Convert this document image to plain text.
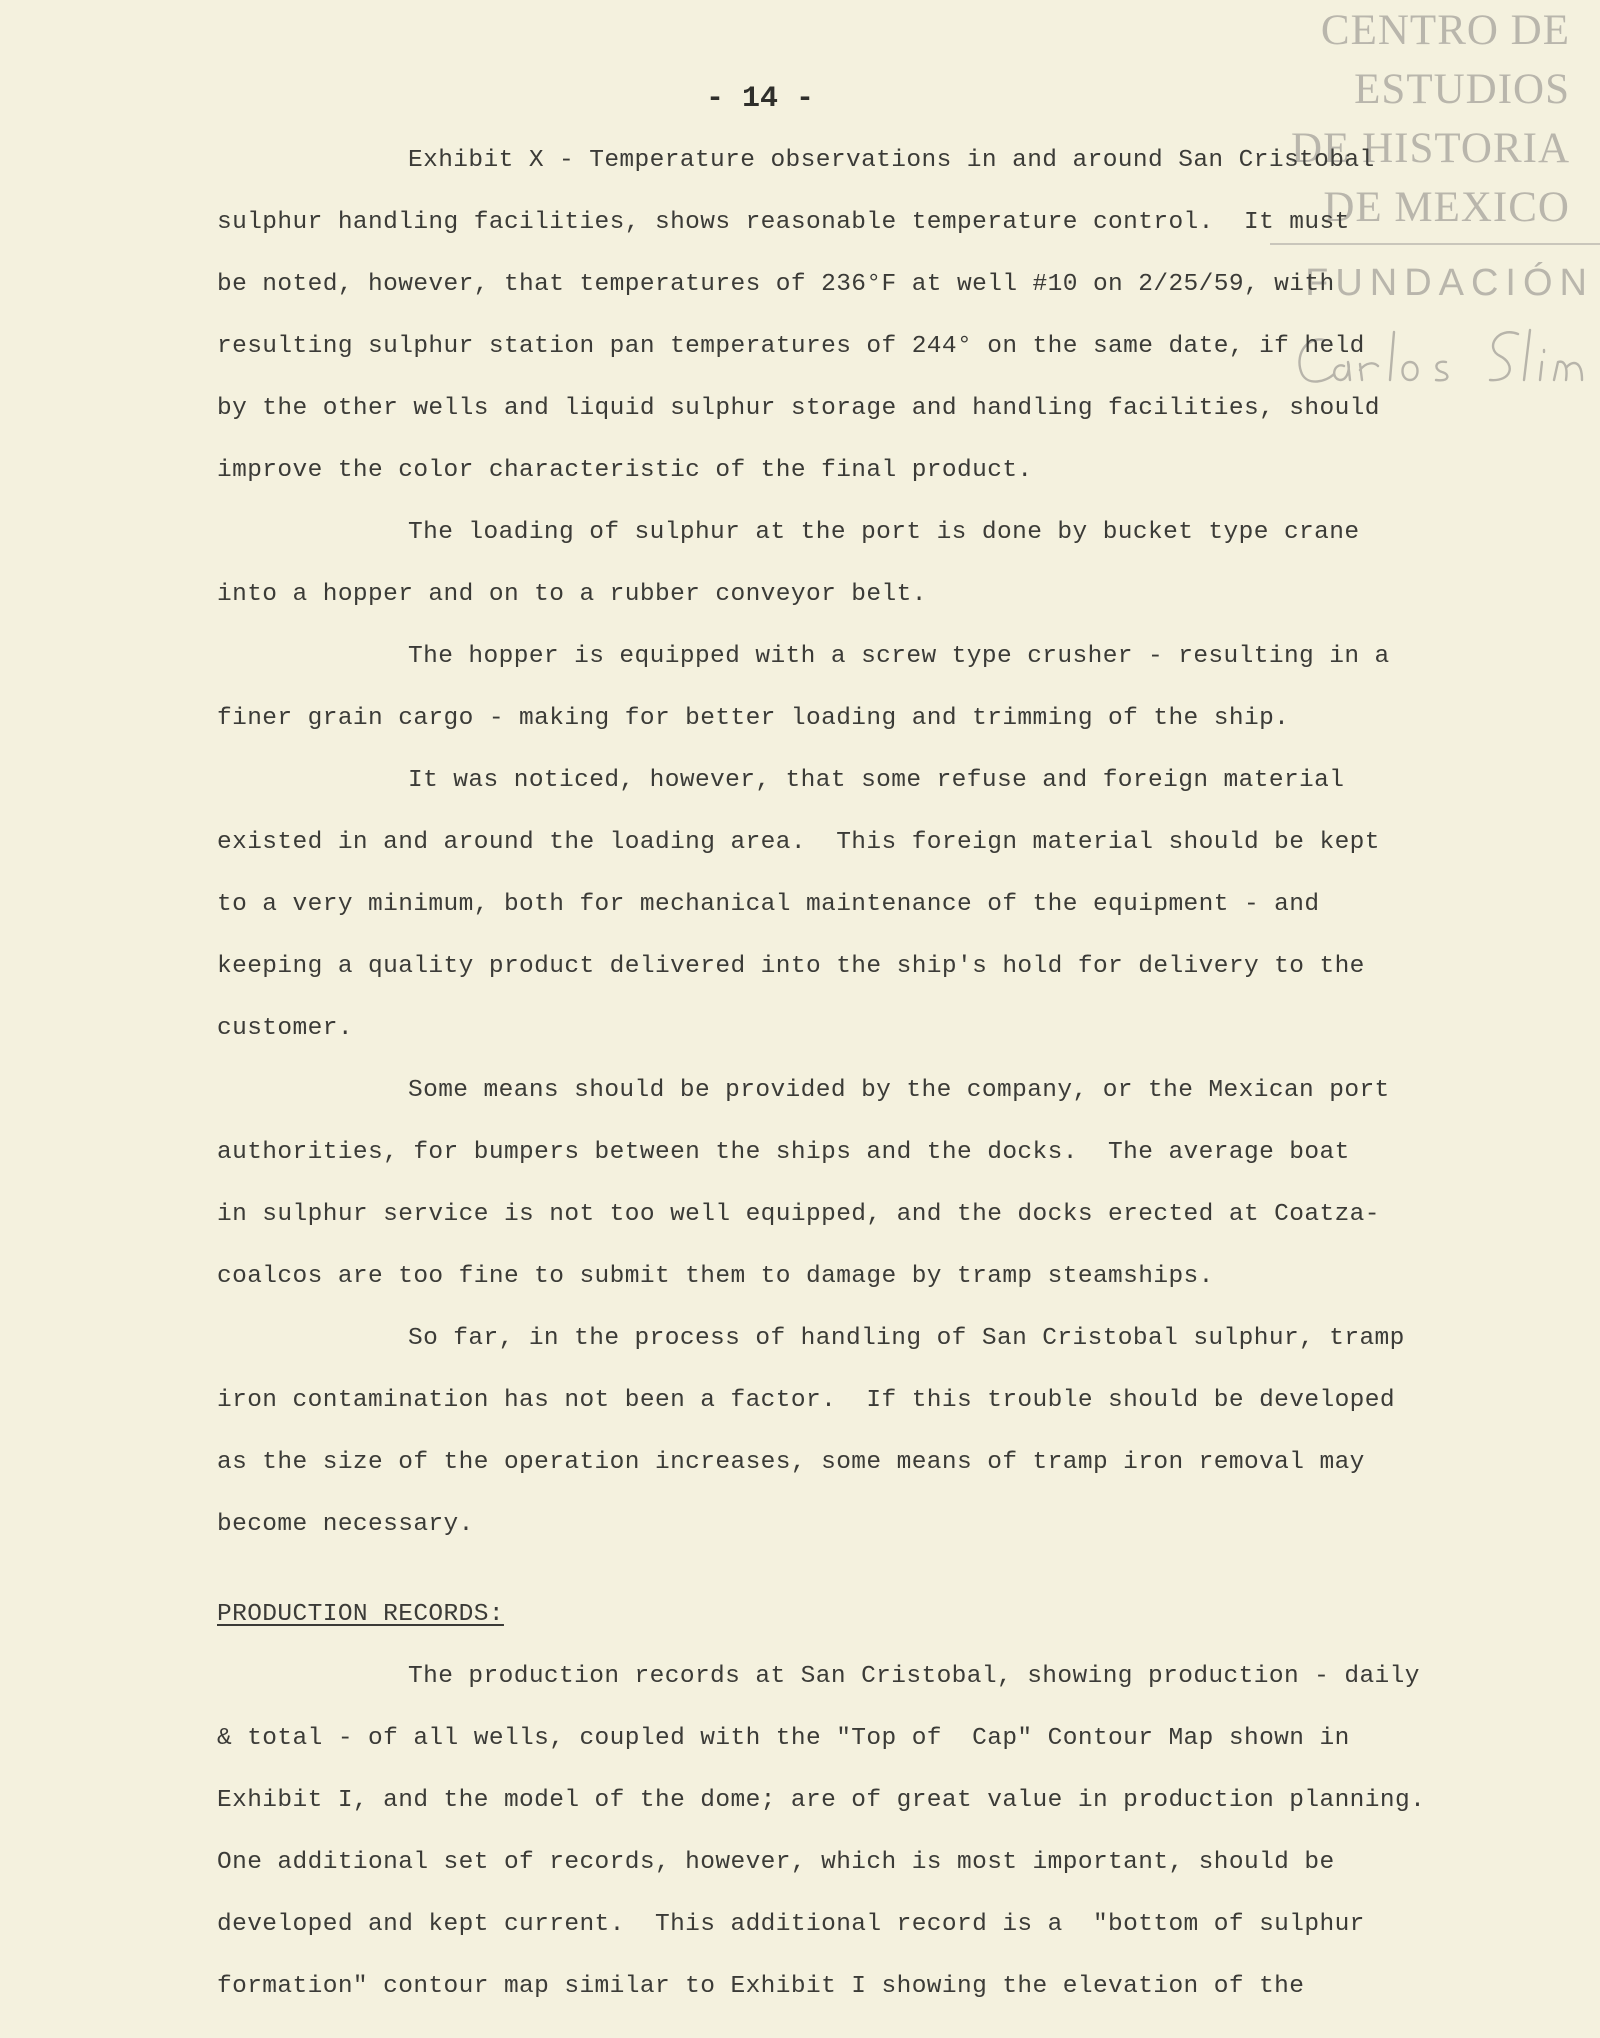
CENTRO DE
ESTUDIOS
DE HISTORIA
DE MEXICO
FUNDACIÓN
- 14 -
Exhibit X - Temperature observations in and around San Cristobal
sulphur handling facilities, shows reasonable temperature control.  It must
be noted, however, that temperatures of 236°F at well #10 on 2/25/59, with
resulting sulphur station pan temperatures of 244° on the same date, if held
by the other wells and liquid sulphur storage and handling facilities, should
improve the color characteristic of the final product.
The loading of sulphur at the port is done by bucket type crane
into a hopper and on to a rubber conveyor belt.
The hopper is equipped with a screw type crusher - resulting in a
finer grain cargo - making for better loading and trimming of the ship.
It was noticed, however, that some refuse and foreign material
existed in and around the loading area.  This foreign material should be kept
to a very minimum, both for mechanical maintenance of the equipment - and
keeping a quality product delivered into the ship's hold for delivery to the
customer.
Some means should be provided by the company, or the Mexican port
authorities, for bumpers between the ships and the docks.  The average boat
in sulphur service is not too well equipped, and the docks erected at Coatza-
coalcos are too fine to submit them to damage by tramp steamships.
So far, in the process of handling of San Cristobal sulphur, tramp
iron contamination has not been a factor.  If this trouble should be developed
as the size of the operation increases, some means of tramp iron removal may
become necessary.
PRODUCTION RECORDS:
The production records at San Cristobal, showing production - daily
& total - of all wells, coupled with the "Top of  Cap" Contour Map shown in
Exhibit I, and the model of the dome; are of great value in production planning.
One additional set of records, however, which is most important, should be
developed and kept current.  This additional record is a  "bottom of sulphur
formation" contour map similar to Exhibit I showing the elevation of the
